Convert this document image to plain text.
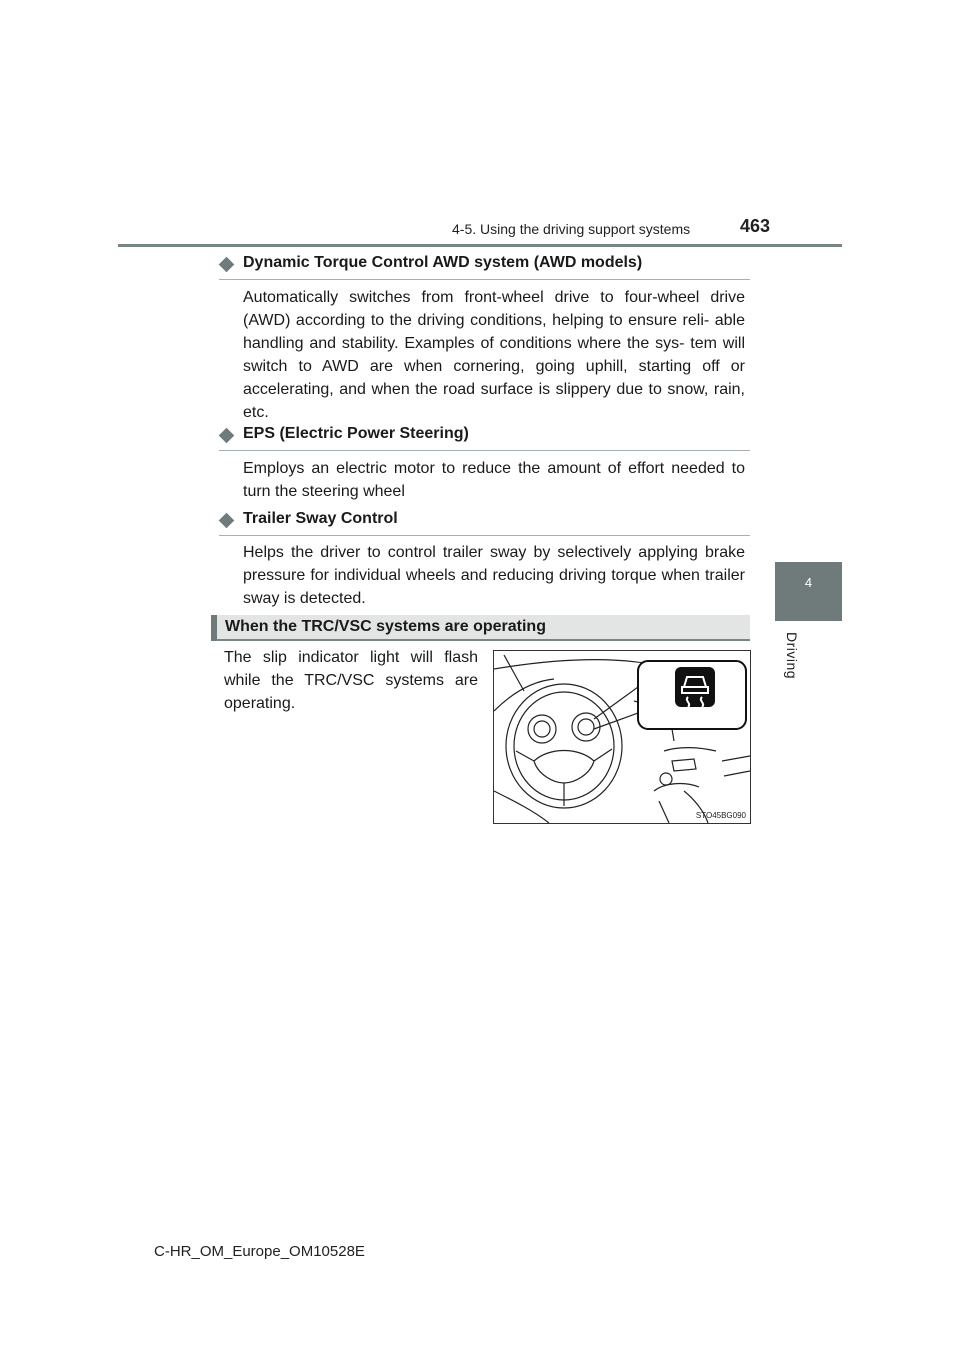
4-5. Using the driving support systems	463
4
Driving
Dynamic Torque Control AWD system (AWD models)
Automatically switches from front-wheel drive to four-wheel drive (AWD) according to the driving conditions, helping to ensure reli- able handling and stability. Examples of conditions where the sys- tem will switch to AWD are when cornering, going uphill, starting off or accelerating, and when the road surface is slippery due to snow, rain, etc.
EPS (Electric Power Steering)
Employs an electric motor to reduce the amount of effort needed to turn the steering wheel
Trailer Sway Control
Helps the driver to control trailer sway by selectively applying brake pressure for individual wheels and reducing driving torque when trailer sway is detected.
When the TRC/VSC systems are operating
The slip indicator light will flash while the TRC/VSC systems are operating.
STO45BG090
C-HR_OM_Europe_OM10528E
